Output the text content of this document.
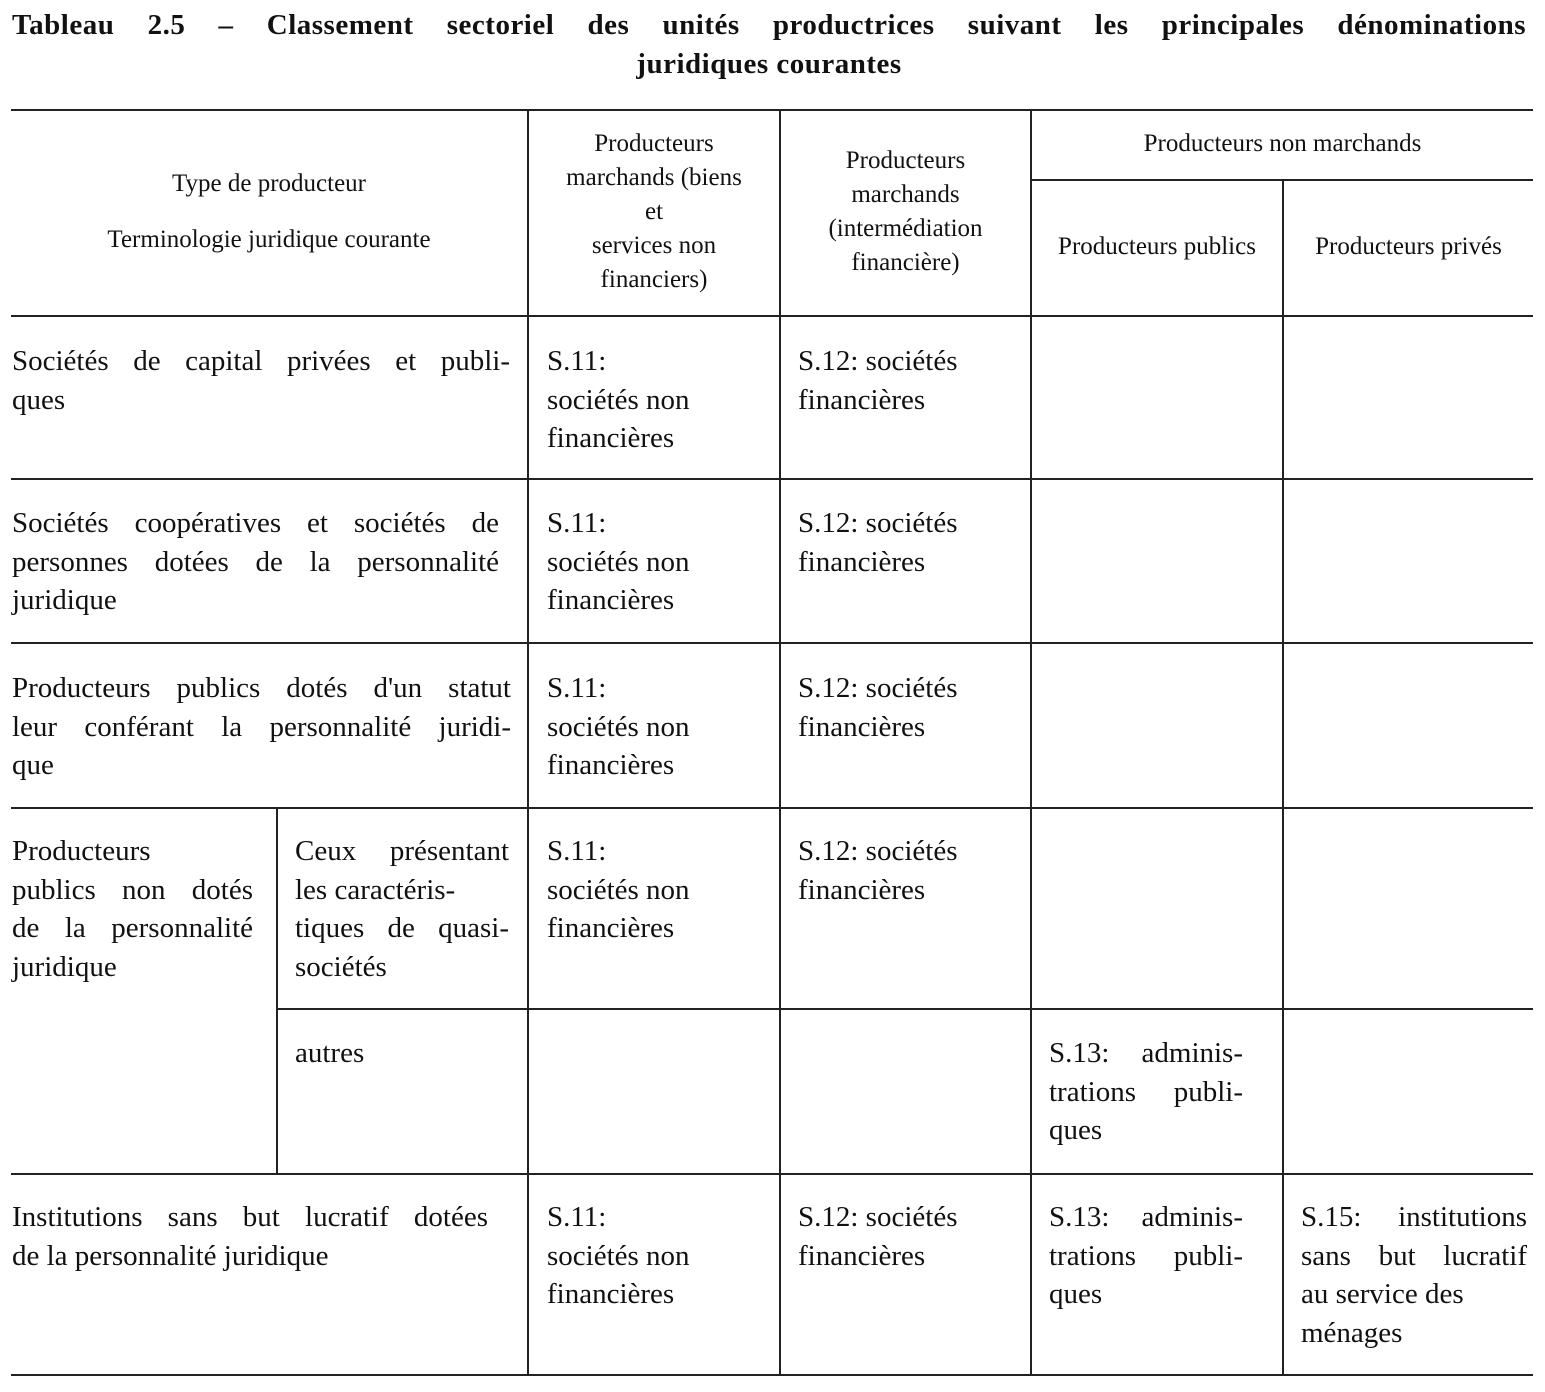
Tableau 2.5 – Classement sectoriel des unités productrices suivant les principales dénominations
juridiques courantes

Type de producteur

Terminologie juridique courante

Producteurs

marchands (biens

et

services non

financiers)

Producteurs

marchands

(intermédiation

financière)

Producteurs non marchands

Producteurs publics	Producteurs privés

Sociétés de capital privées et publi-

ques

S.11:

sociétés non

financières

S.12: sociétés

financières

Sociétés coopératives et sociétés de

personnes dotées de la personnalité

juridique

S.11:

sociétés non

financières

S.12: sociétés

financières

Producteurs publics dotés d'un statut

leur conférant la personnalité juridi-

que

S.11:

sociétés non

financières

S.12: sociétés

financières

Producteurs

publics non dotés

de la personnalité

juridique

Ceux présentant

les caractéris-

tiques de quasi-

sociétés

S.11:

sociétés non

financières

S.12: sociétés

financières

autres	S.13: adminis-

trations publi-

ques

Institutions sans but lucratif dotées

de la personnalité juridique

S.11:

sociétés non

financières

S.12: sociétés

financières

S.13: adminis-

trations publi-

ques

S.15: institutions

sans but lucratif

au service des

ménages
